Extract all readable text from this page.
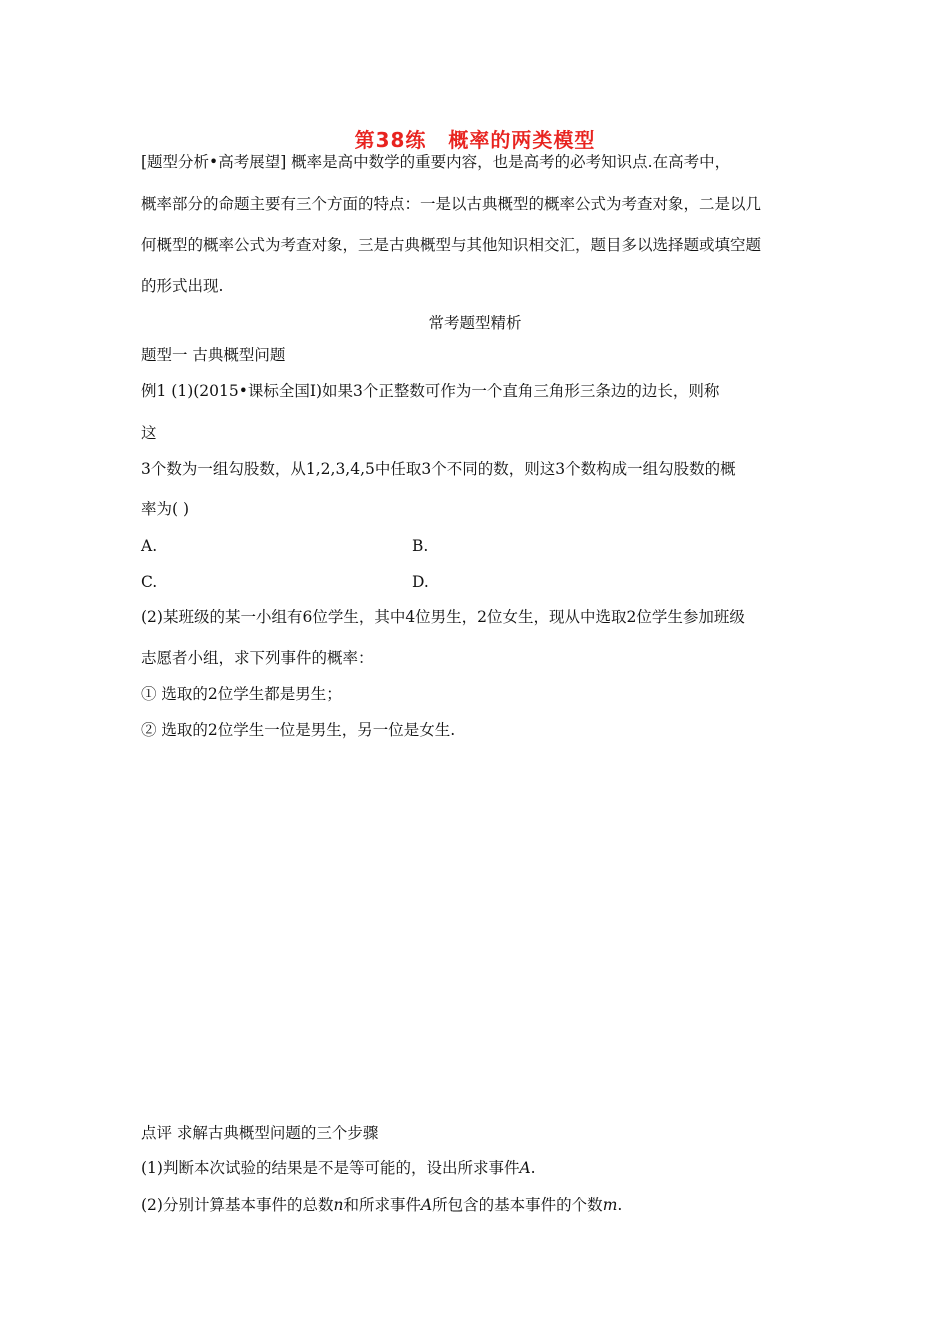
第38练 概率的两类模型
[题型分析•高考展望] 概率是高中数学的重要内容，也是高考的必考知识点.在高考中，
概率部分的命题主要有三个方面的特点：一是以古典概型的概率公式为考查对象，二是以几
何概型的概率公式为考查对象，三是古典概型与其他知识相交汇，题目多以选择题或填空题
的形式出现.
常考题型精析
题型一 古典概型问题
例1 (1)(2015•课标全国Ⅰ)如果3个正整数可作为一个直角三角形三条边的边长，则称
这
3个数为一组勾股数，从1,2,3,4,5中任取3个不同的数，则这3个数构成一组勾股数的概
率为( )
A.	B.
C.	D.
(2)某班级的某一小组有6位学生，其中4位男生，2位女生，现从中选取2位学生参加班级
志愿者小组，求下列事件的概率：
① 选取的2位学生都是男生；
② 选取的2位学生一位是男生，另一位是女生.
点评 求解古典概型问题的三个步骤
(1)判断本次试验的结果是不是等可能的，设出所求事件A.
(2)分别计算基本事件的总数n和所求事件A所包含的基本事件的个数m.
